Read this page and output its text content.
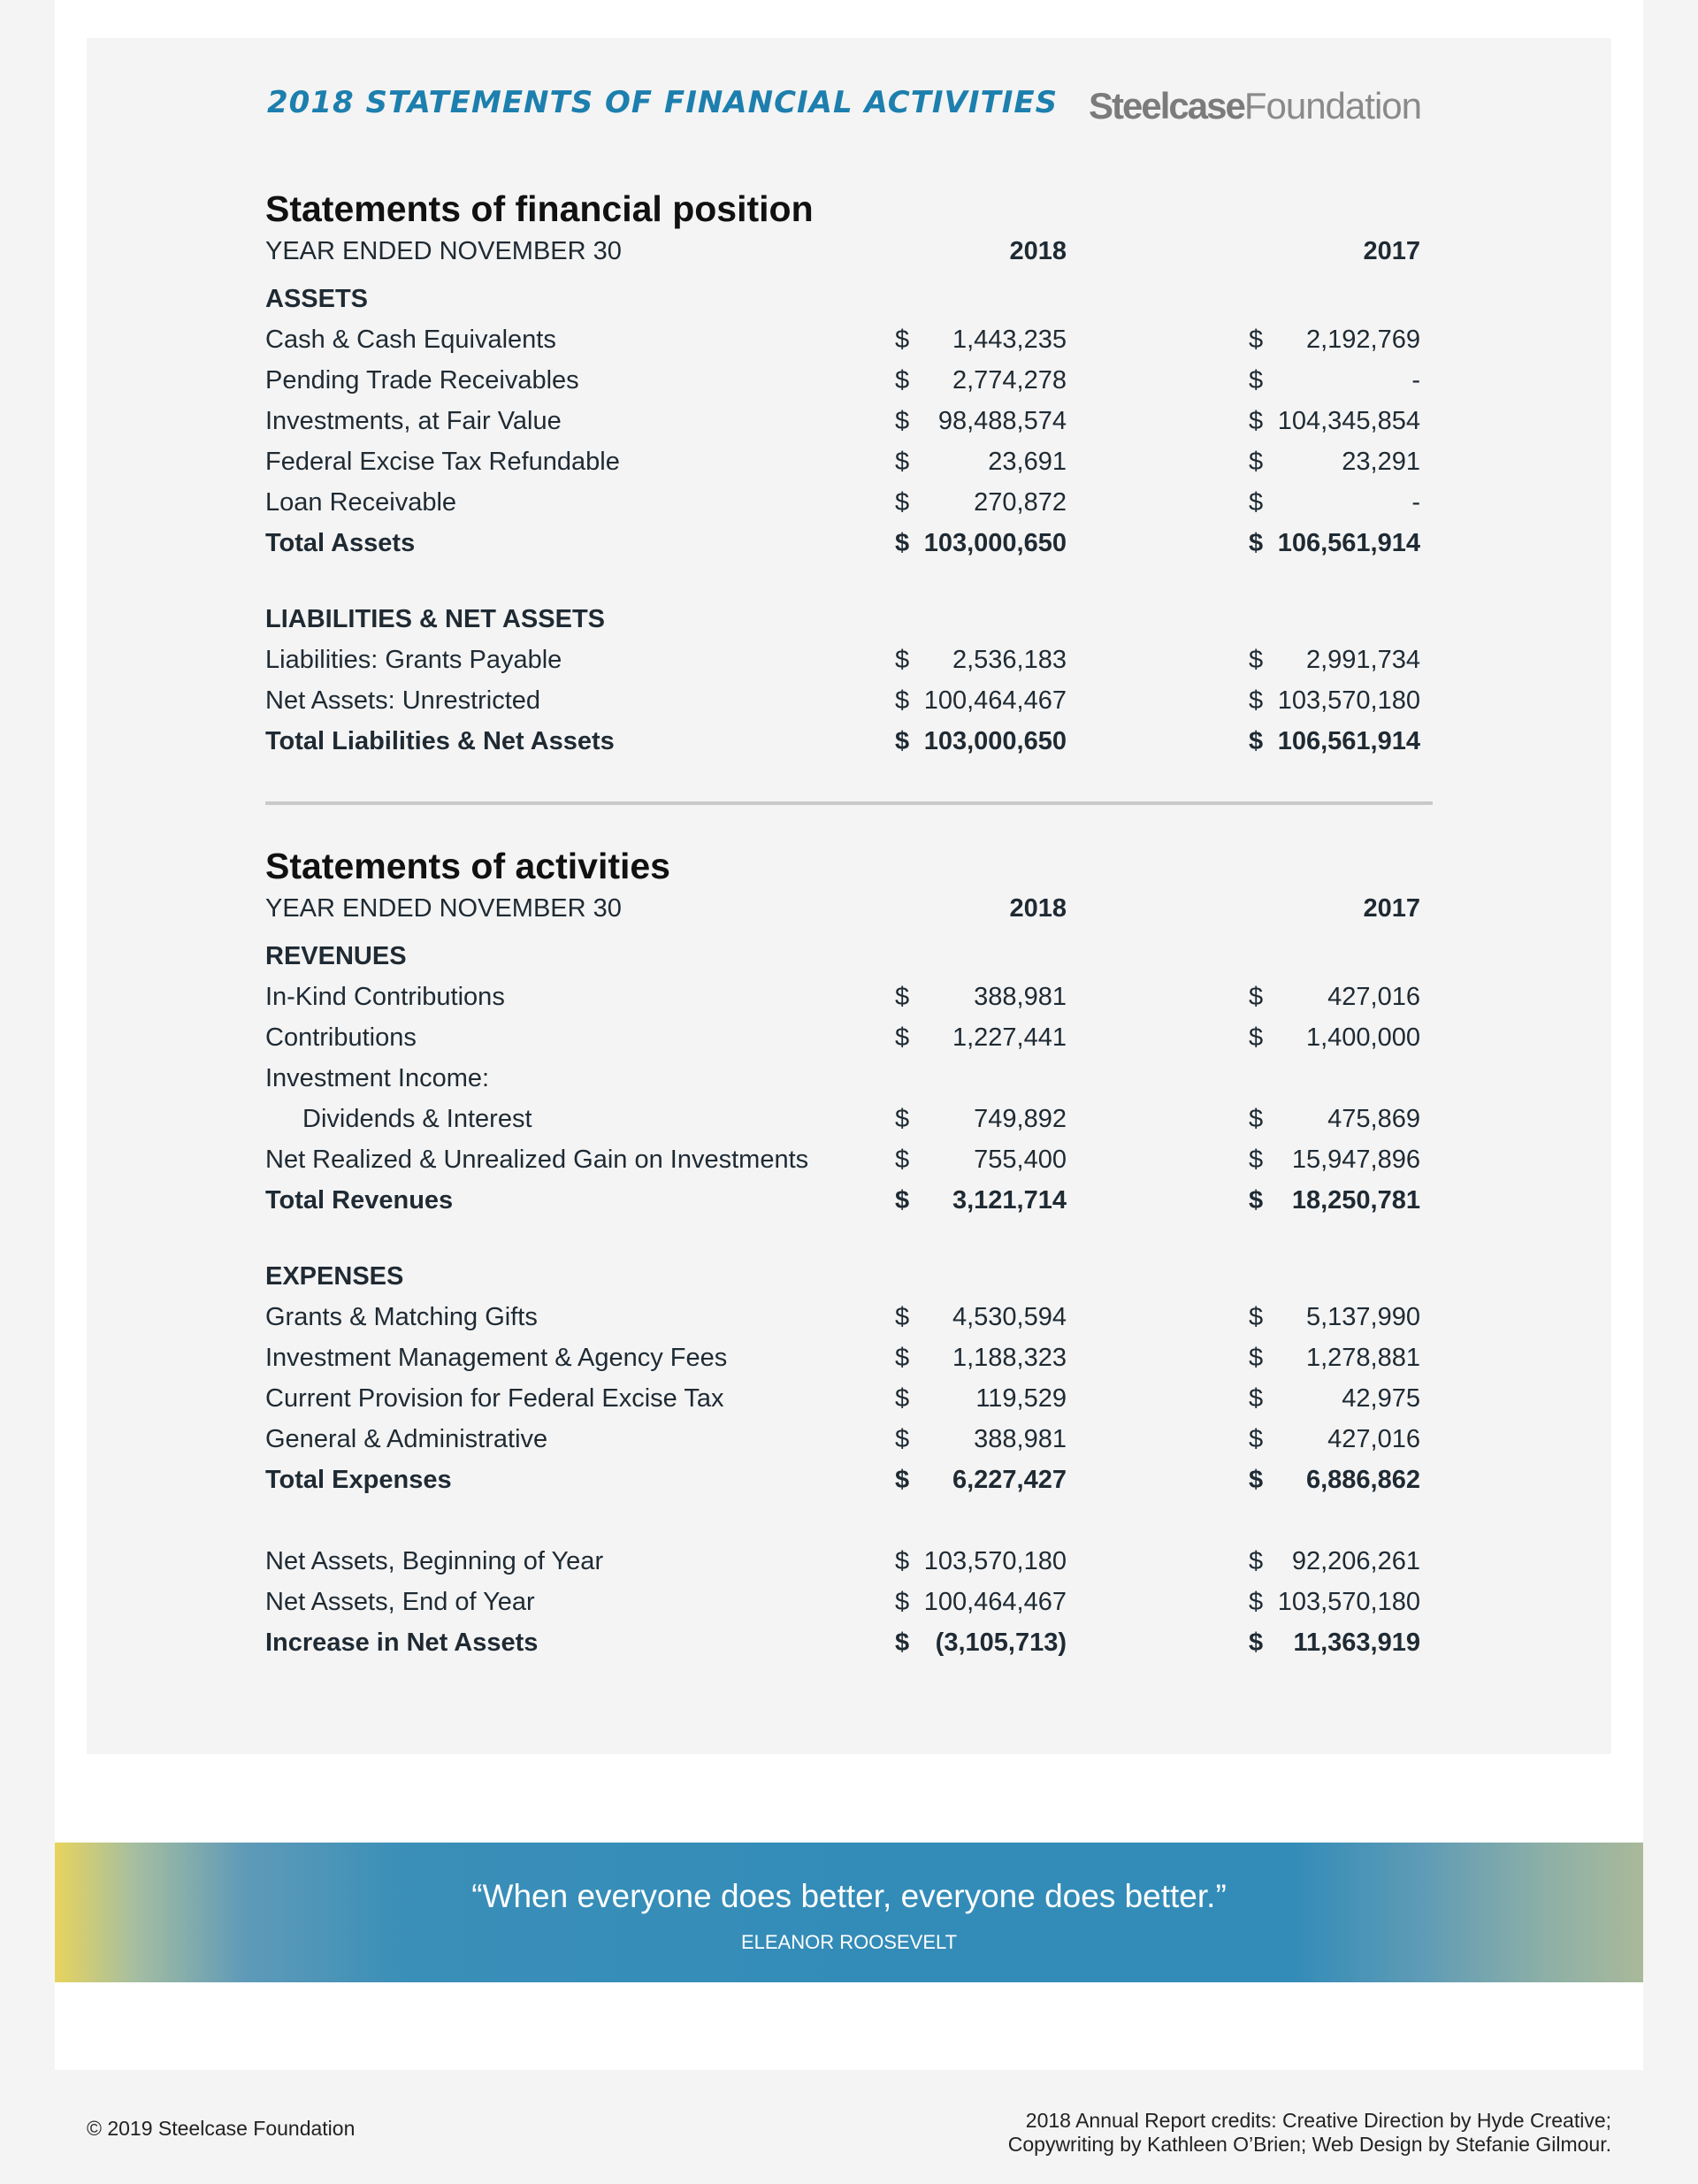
2018 STATEMENTS OF FINANCIAL ACTIVITIES SteelcaseFoundation
Statements of financial position
YEAR ENDED NOVEMBER 30	2018	2017
ASSETS
Cash & Cash Equivalents	$	1,443,235	$	2,192,769
Pending Trade Receivables	$	2,774,278	$	-
Investments, at Fair Value	$	98,488,574	$ 104,345,854
Federal Excise Tax Refundable	$	23,691	$	23,291
Loan Receivable	$	270,872	$	-
Total Assets	$ 103,000,650	$ 106,561,914
LIABILITIES & NET ASSETS
Liabilities: Grants Payable	$	2,536,183	$	2,991,734
Net Assets: Unrestricted	$ 100,464,467	$ 103,570,180
Total Liabilities & Net Assets	$ 103,000,650	$ 106,561,914
Statements of activities
YEAR ENDED NOVEMBER 30	2018	2017
REVENUES
In-Kind Contributions	$	388,981	$	427,016
Contributions	$	1,227,441	$	1,400,000
Investment Income:
Dividends & Interest	$	749,892	$	475,869
Net Realized & Unrealized Gain on Investments	$	755,400	$	15,947,896
Total Revenues	$	3,121,714	$	18,250,781
EXPENSES
Grants & Matching Gifts	$	4,530,594	$	5,137,990
Investment Management & Agency Fees	$	1,188,323	$	1,278,881
Current Provision for Federal Excise Tax	$	119,529	$	42,975
General & Administrative	$	388,981	$	427,016
Total Expenses	$	6,227,427	$	6,886,862
Net Assets, Beginning of Year	$ 103,570,180	$	92,206,261
Net Assets, End of Year	$ 100,464,467	$ 103,570,180
Increase in Net Assets	$	(3,105,713)	$	11,363,919
“When everyone does better, everyone does better.”
ELEANOR ROOSEVELT
© 2019 Steelcase Foundation	2018 Annual Report credits: Creative Direction by Hyde Creative;
Copywriting by Kathleen O’Brien; Web Design by Stefanie Gilmour.
